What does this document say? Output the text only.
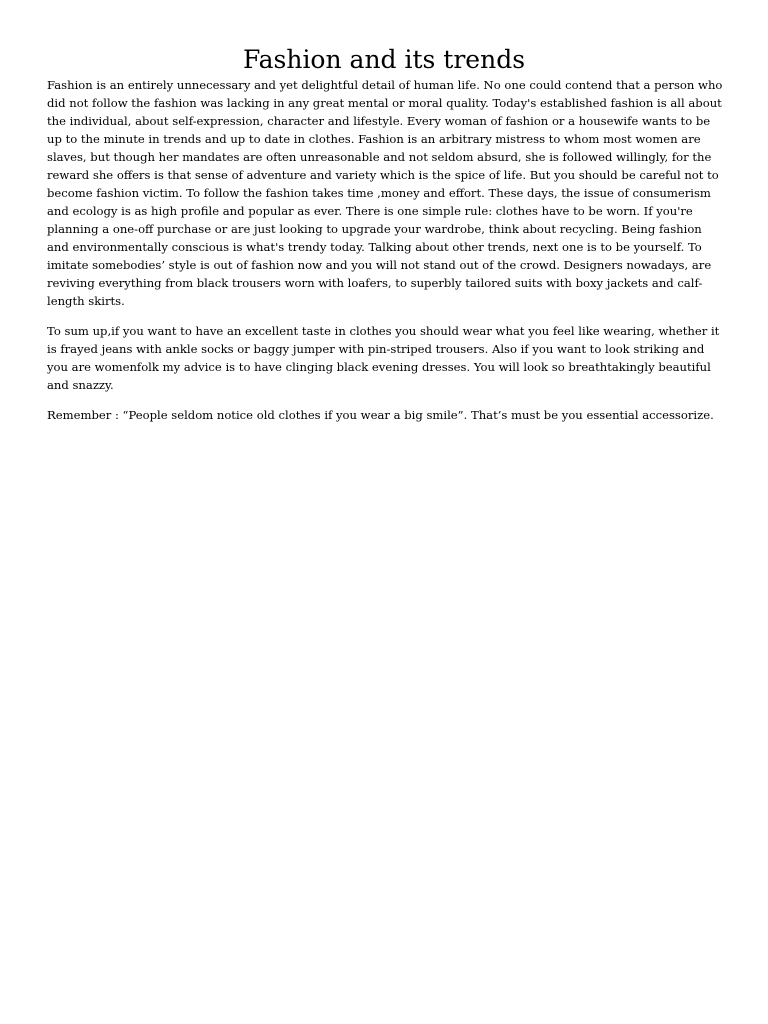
Fashion and its trends

Fashion is an entirely unnecessary and yet delightful detail of human life. No one could contend that a person who did not follow the fashion was lacking in any great mental or moral quality. Today's established fashion is all about the individual, about self-expression, character and lifestyle. Every woman of fashion or a housewife wants to be up to the minute in trends and up to date in clothes. Fashion is an arbitrary mistress to whom most women are slaves, but though her mandates are often unreasonable and not seldom absurd, she is followed willingly, for the reward she offers is that sense of adventure and variety which is the spice of life. But you should be careful not to become fashion victim. To follow the fashion takes time ,money and effort. These days, the issue of consumerism and ecology is as high profile and popular as ever. There is one simple rule: clothes have to be worn. If you're planning a one-off purchase or are just looking to upgrade your wardrobe, think about recycling. Being fashion and environmentally conscious is what's trendy today. Talking about other trends, next one is to be yourself. To imitate somebodies’ style is out of fashion now and you will not stand out of the crowd. Designers nowadays, are reviving everything from black trousers worn with loafers, to superbly tailored suits with boxy jackets and calf-length skirts.

To sum up,if you want to have an excellent taste in clothes you should wear what you feel like wearing, whether it is frayed jeans with ankle socks or baggy jumper with pin-striped trousers. Also if you want to look striking and you are womenfolk my advice is to have clinging black evening dresses. You will look so breathtakingly beautiful and snazzy.

Remember : “People seldom notice old clothes if you wear a big smile”. That’s must be you essential accessorize.
